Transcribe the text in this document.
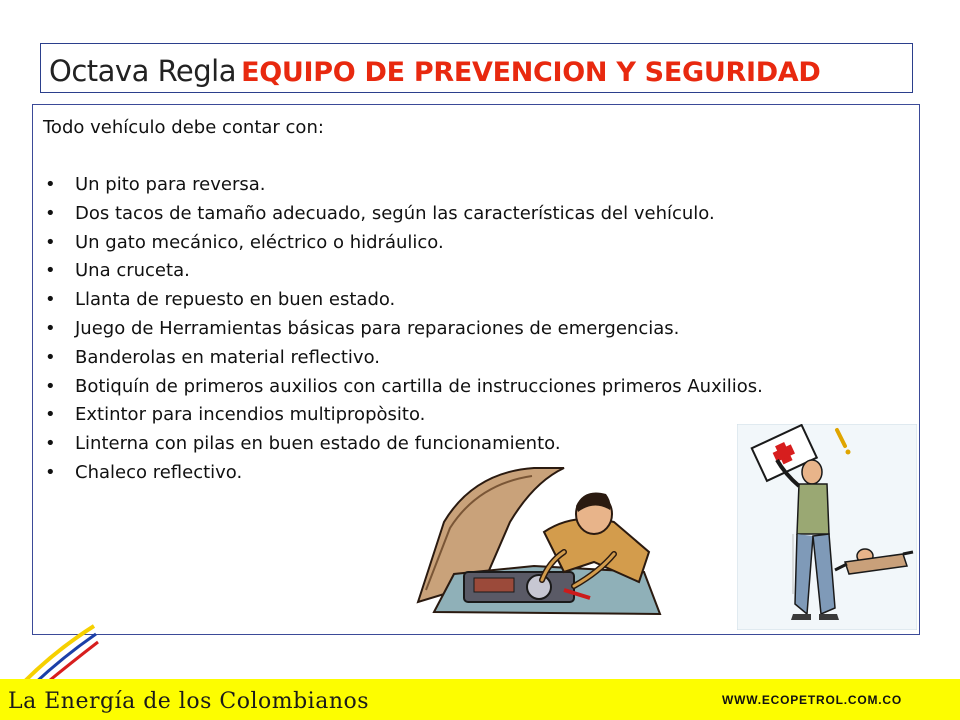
Octava Regla EQUIPO DE PREVENCION Y SEGURIDAD
Todo vehículo debe contar con:
• Un pito para reversa.
• Dos tacos de tamaño adecuado, según las características del vehículo.
• Un gato mecánico, eléctrico o hidráulico.
• Una cruceta.
• Llanta de repuesto en buen estado.
• Juego de Herramientas básicas para reparaciones de emergencias.
• Banderolas en material reflectivo.
• Botiquín de primeros auxilios con cartilla de instrucciones primeros Auxilios.
• Extintor para incendios multipropòsito.
• Linterna con pilas en buen estado de funcionamiento.
• Chaleco reflectivo.
La Energía de los Colombianos	WWW.ECOPETROL.COM.CO
